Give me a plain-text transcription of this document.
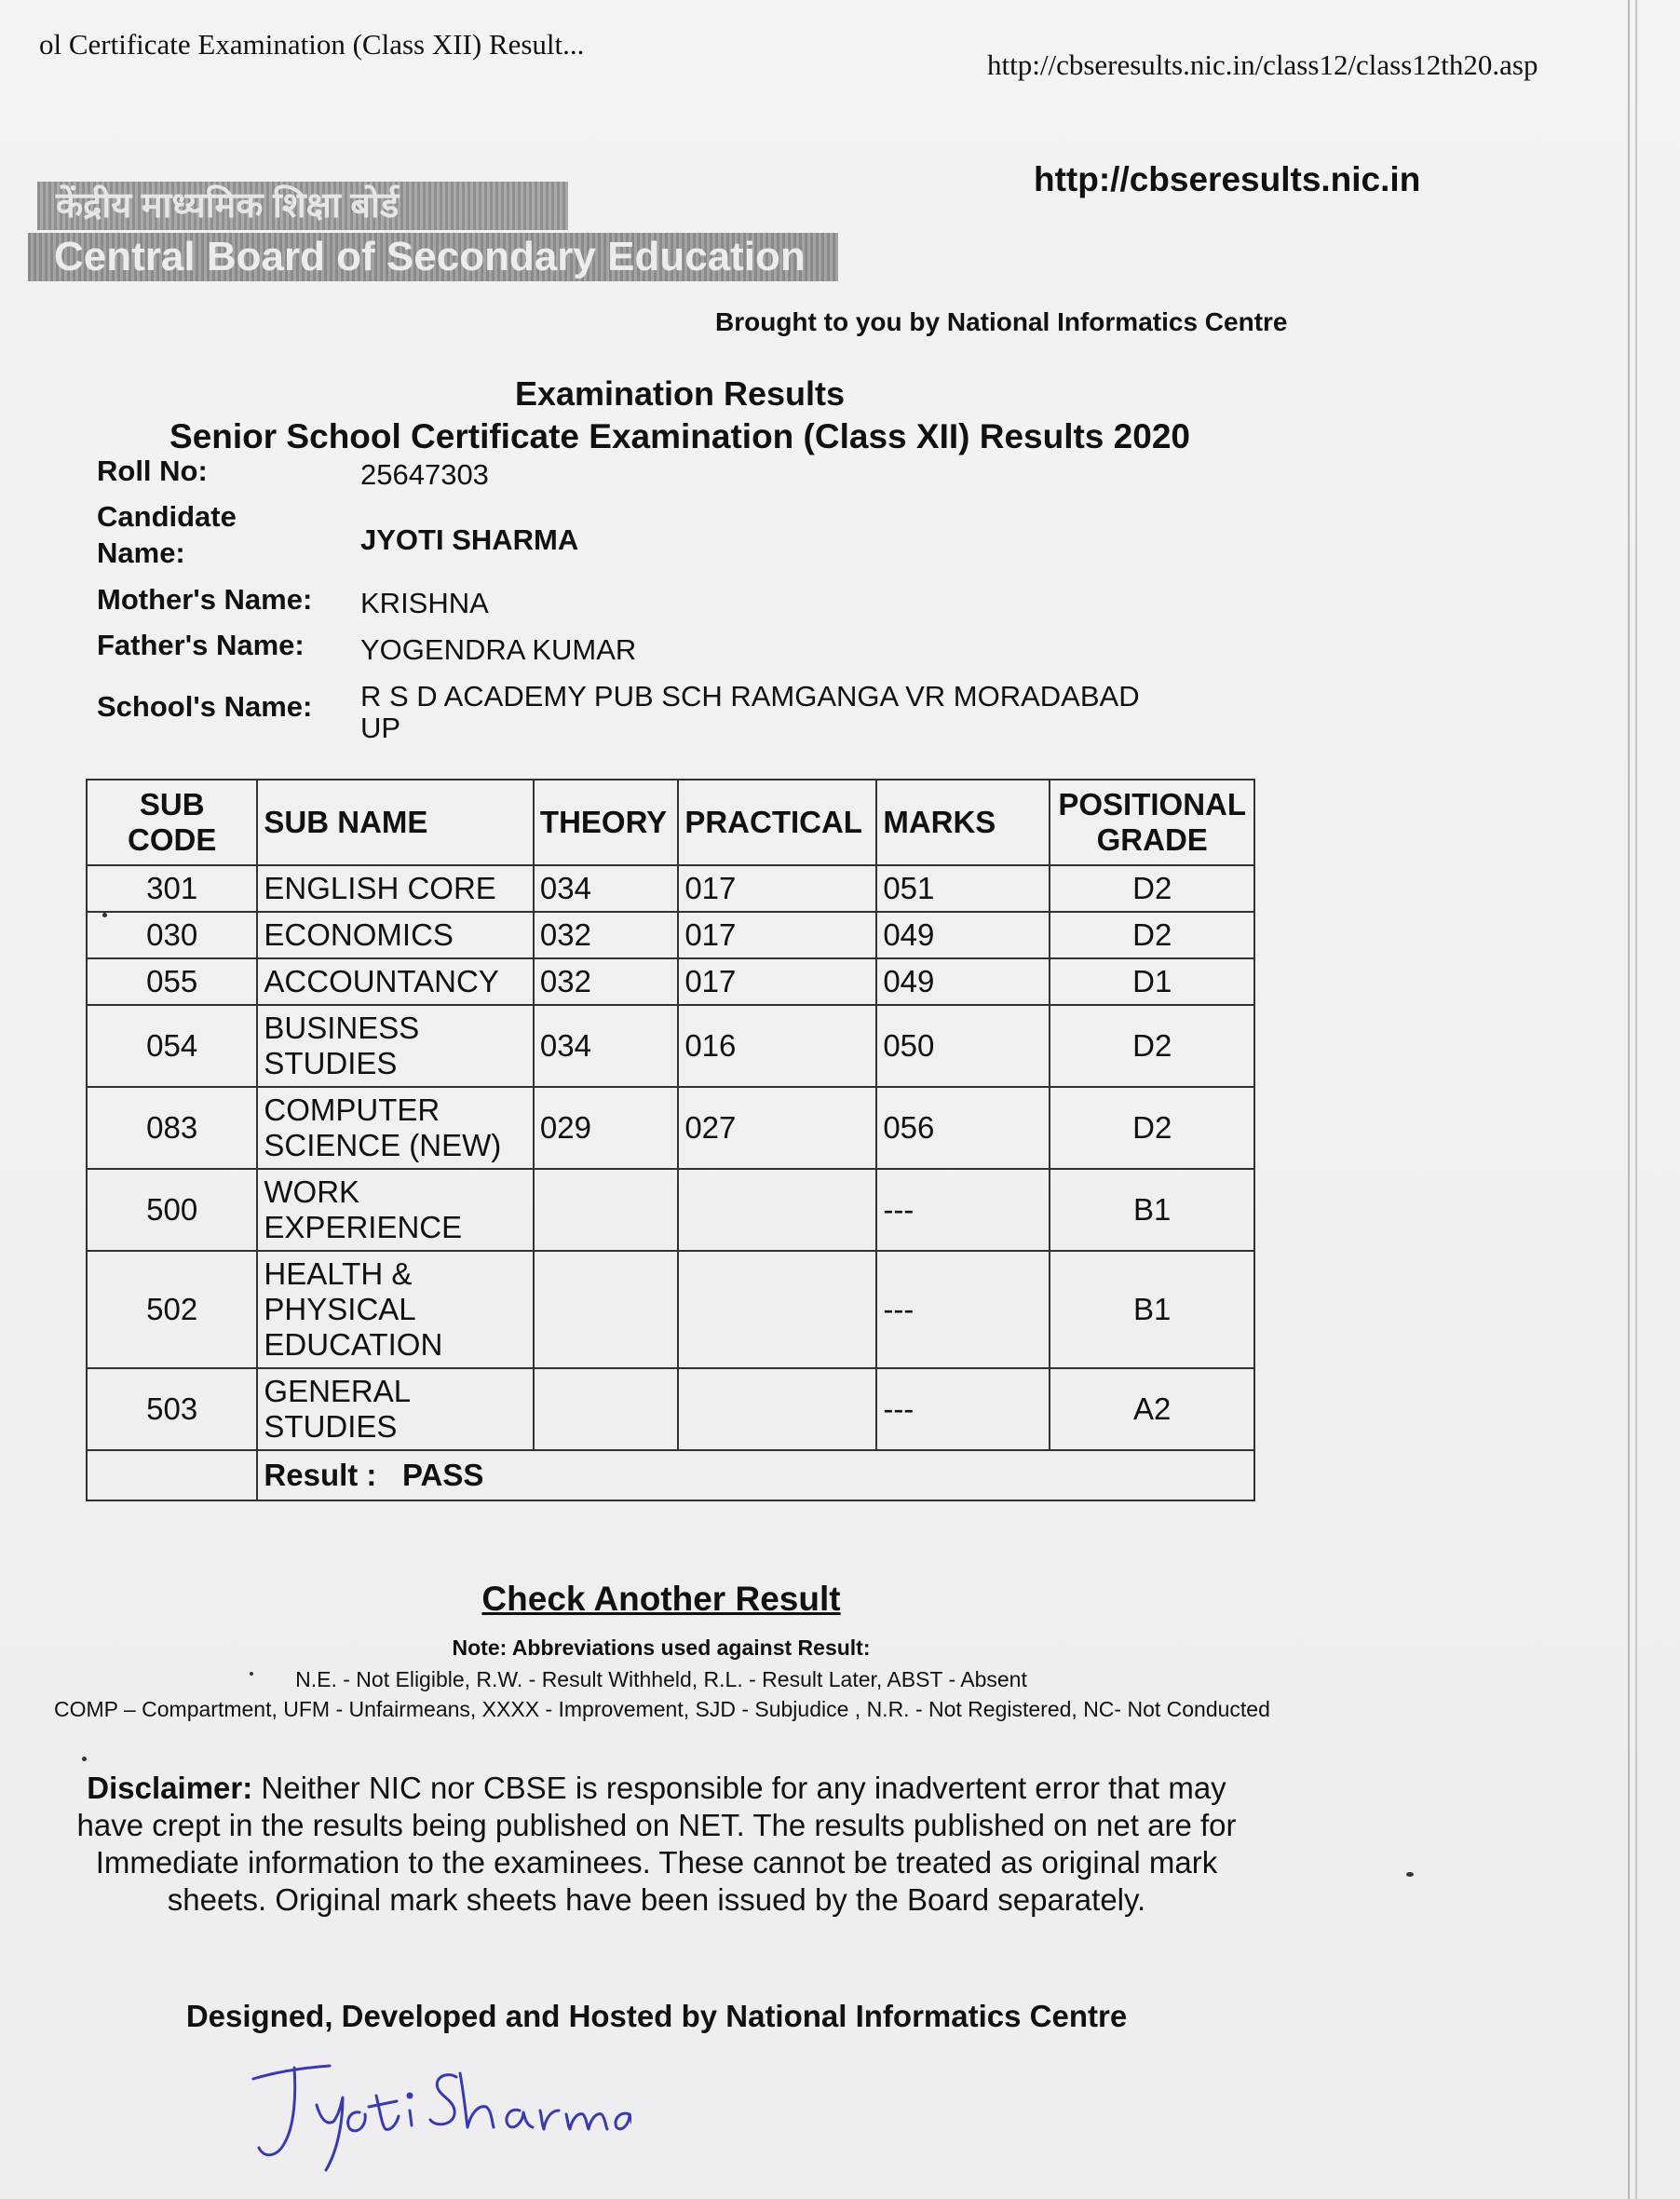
ol Certificate Examination (Class XII) Result...
http://cbseresults.nic.in/class12/class12th20.asp
http://cbseresults.nic.in
केंद्रीय माध्यमिक शिक्षा बोर्ड
Central Board of Secondary Education
Brought to you by National Informatics Centre
Examination Results
Senior School Certificate Examination (Class XII) Results 2020
Roll No:	25647303
Candidate
Name:	JYOTI SHARMA
Mother's Name: KRISHNA
Father's Name: YOGENDRA KUMAR
School's Name: R S D ACADEMY PUB SCH RAMGANGA VR MORADABAD
UP
SUB
CODE	SUB NAME	THEORY	PRACTICAL	MARKS	POSITIONAL
GRADE
301	ENGLISH CORE	034	017	051	D2
030	ECONOMICS	032	017	049	D2
055	ACCOUNTANCY	032	017	049	D1
054	BUSINESS
STUDIES	034	016	050	D2
083	COMPUTER
SCIENCE (NEW)	029	027	056	D2
500	WORK
EXPERIENCE			---	B1
502	HEALTH &
PHYSICAL
EDUCATION			---	B1
503	GENERAL
STUDIES			---	A2
	Result : PASS				
Check Another Result
Note: Abbreviations used against Result:
N.E. - Not Eligible, R.W. - Result Withheld, R.L. - Result Later, ABST - Absent
COMP – Compartment, UFM - Unfairmeans, XXXX - Improvement, SJD - Subjudice , N.R. - Not Registered, NC- Not Conducted
Disclaimer: Neither NIC nor CBSE is responsible for any inadvertent error that may have crept in the results being published on NET. The results published on net are for Immediate information to the examinees. These cannot be treated as original mark sheets. Original mark sheets have been issued by the Board separately.
Designed, Developed and Hosted by National Informatics Centre
